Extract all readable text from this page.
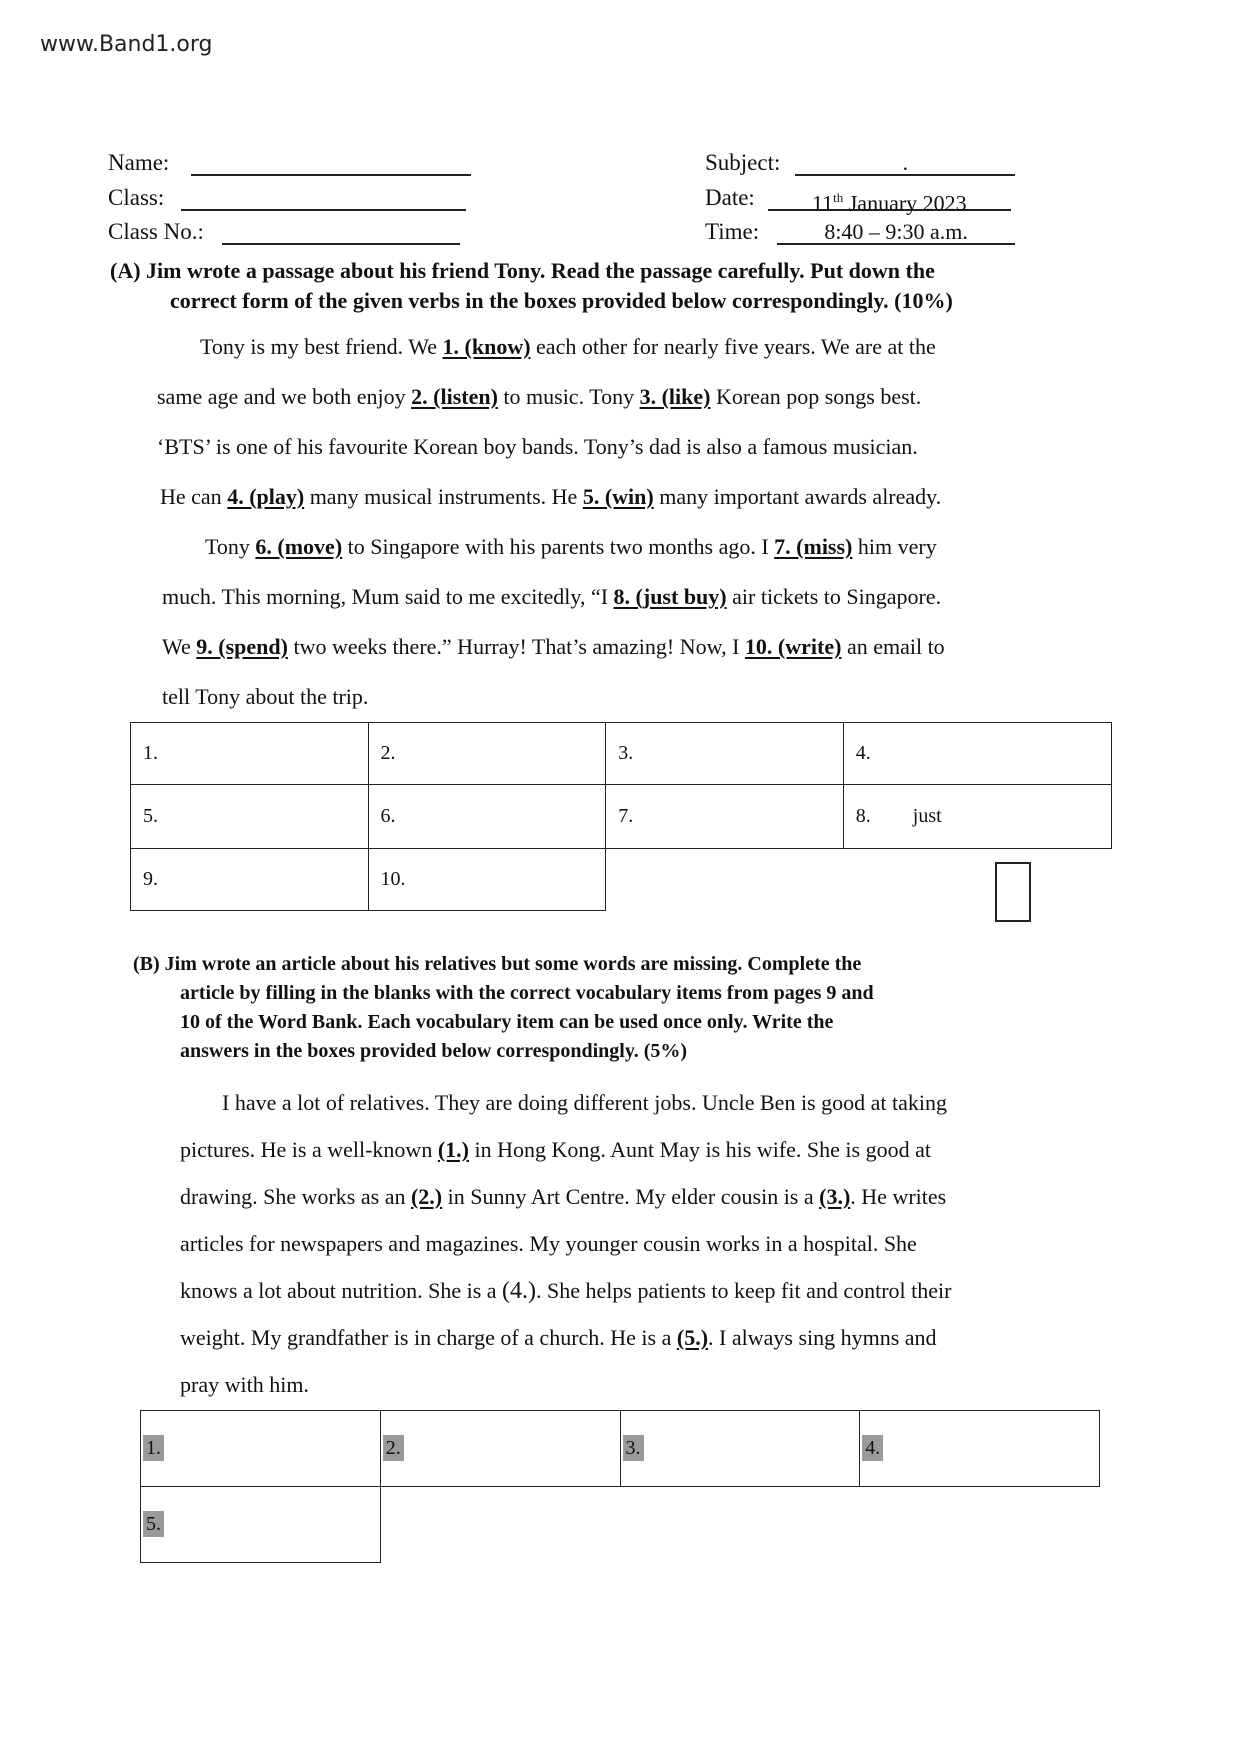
www.Band1.org
Name:
Class:
Class No.:
Subject:	.
Date:	11th January 2023
Time:	8:40 – 9:30 a.m.
(A) Jim wrote a passage about his friend Tony. Read the passage carefully. Put down the
correct form of the given verbs in the boxes provided below correspondingly. (10%)
Tony is my best friend. We 1. (know) each other for nearly five years. We are at the
same age and we both enjoy 2. (listen) to music. Tony 3. (like) Korean pop songs best.
‘BTS’ is one of his favourite Korean boy bands. Tony’s dad is also a famous musician.
He can 4. (play) many musical instruments. He 5. (win) many important awards already.
Tony 6. (move) to Singapore with his parents two months ago. I 7. (miss) him very
much. This morning, Mum said to me excitedly, “I 8. (just buy) air tickets to Singapore.
We 9. (spend) two weeks there.” Hurray! That’s amazing! Now, I 10. (write) an email to
tell Tony about the trip.
1.	2.	3.	4.
5.	6.	7.	8. just
9.	10.		
(B) Jim wrote an article about his relatives but some words are missing. Complete the
article by filling in the blanks with the correct vocabulary items from pages 9 and
10 of the Word Bank. Each vocabulary item can be used once only. Write the
answers in the boxes provided below correspondingly. (5%)
I have a lot of relatives. They are doing different jobs. Uncle Ben is good at taking
pictures. He is a well-known (1.) in Hong Kong. Aunt May is his wife. She is good at
drawing. She works as an (2.) in Sunny Art Centre. My elder cousin is a (3.). He writes
articles for newspapers and magazines. My younger cousin works in a hospital. She
knows a lot about nutrition. She is a (4.). She helps patients to keep fit and control their
weight. My grandfather is in charge of a church. He is a (5.). I always sing hymns and
pray with him.
1.	2.	3.	4.
5.			
